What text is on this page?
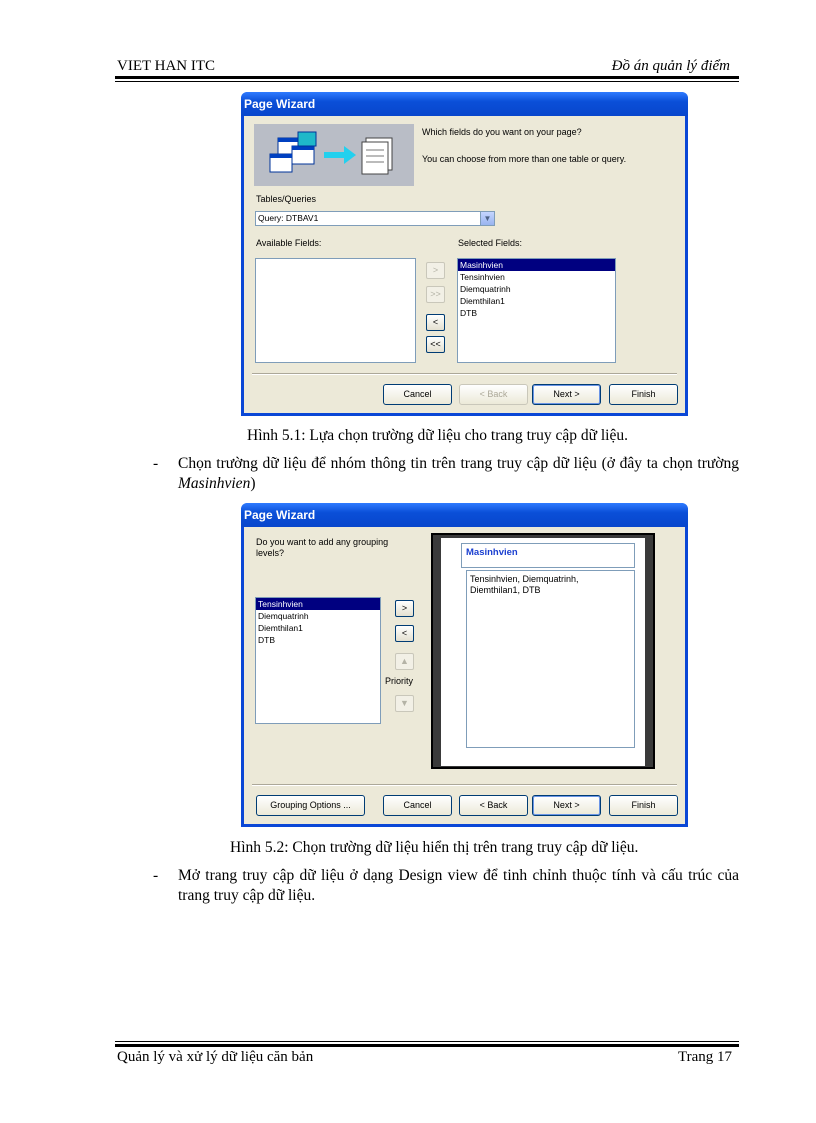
VIET HAN ITC	Đồ án quản lý điểm
Page Wizard
Which fields do you want on your page?
You can choose from more than one table or query.
Tables/Queries
Query: DTBAV1	▼
Available Fields:	Selected Fields:
>
>>
<
<<
Masinhvien
Tensinhvien
Diemquatrinh
Diemthilan1
DTB
Cancel	< Back	Next >	Finish
Hình 5.1: Lựa chọn trường dữ liệu cho trang truy cập dữ liệu.
- Chọn trường dữ liệu để nhóm thông tin trên trang truy cập dữ liệu (ở đây ta chọn trường Masinhvien)
Page Wizard
Do you want to add any grouping levels?
Tensinhvien
Diemquatrinh
Diemthilan1
DTB
>
<
▲
Priority
▼
Masinhvien
Tensinhvien, Diemquatrinh, Diemthilan1, DTB
Grouping Options ...	Cancel	< Back	Next >	Finish
Hình 5.2: Chọn trường dữ liệu hiển thị trên trang truy cập dữ liệu.
- Mở trang truy cập dữ liệu ở dạng Design view để tinh chỉnh thuộc tính và cấu trúc của trang truy cập dữ liệu.
Quản lý và xử lý dữ liệu căn bản	Trang 17
